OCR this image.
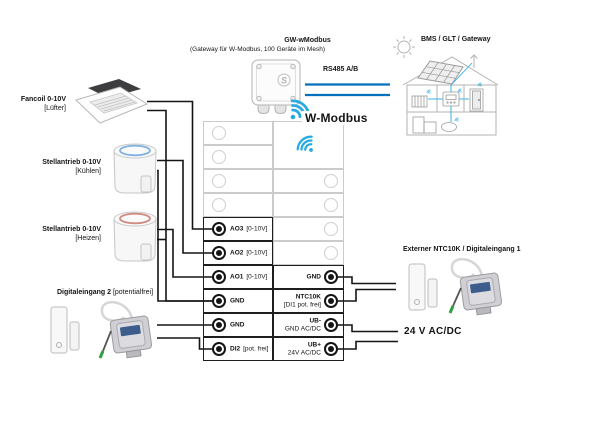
S
AO3 [0-10V]
AO2 [0-10V]
AO1 [0-10V]
GND
GND
DI2 [pot. frei]
GND
NTC10K
[DI1 pot. frei]
UB-
GND AC/DC
UB+
24V AC/DC
GW-wModbus
(Gateway für W-Modbus, 100 Geräte im Mesh)
RS485 A/B
BMS / GLT / Gateway
W-Modbus
Fancoil 0-10V
[Lüfter]
Stellantrieb 0-10V
[Kühlen]
Stellantrieb 0-10V
[Heizen]
Digitaleingang 2 [potentialfrei]
Externer NTC10K / Digitaleingang 1
24 V AC/DC
